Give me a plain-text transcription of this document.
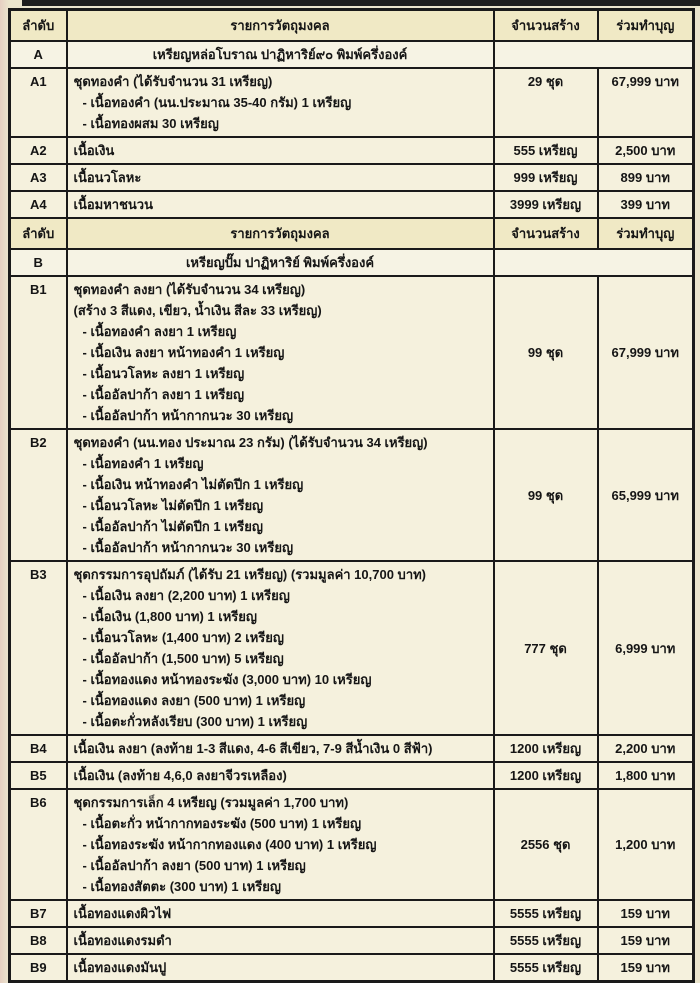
ลำดับ	รายการวัตถุมงคล	จำนวนสร้าง	ร่วมทำบุญ
A	เหรียญหล่อโบราณ ปาฏิหาริย์๙๐ พิมพ์ครึ่งองค์		
A1	ชุดทองคำ (ได้รับจำนวน 31 เหรียญ)
- เนื้อทองคำ (นน.ประมาณ 35-40 กรัม) 1 เหรียญ
- เนื้อทองผสม 30 เหรียญ	29 ชุด	67,999 บาท
A2	เนื้อเงิน	555 เหรียญ	2,500 บาท
A3	เนื้อนวโลหะ	999 เหรียญ	899 บาท
A4	เนื้อมหาชนวน	3999 เหรียญ	399 บาท
ลำดับ	รายการวัตถุมงคล	จำนวนสร้าง	ร่วมทำบุญ
B	เหรียญปั๊ม ปาฏิหาริย์ พิมพ์ครึ่งองค์		
B1	ชุดทองคำ ลงยา (ได้รับจำนวน 34 เหรียญ)
(สร้าง 3 สีแดง, เขียว, น้ำเงิน สีละ 33 เหรียญ)
- เนื้อทองคำ ลงยา 1 เหรียญ
- เนื้อเงิน ลงยา หน้าทองคำ 1 เหรียญ
- เนื้อนวโลหะ ลงยา 1 เหรียญ
- เนื้ออัลปาก้า ลงยา 1 เหรียญ
- เนื้ออัลปาก้า หน้ากากนวะ 30 เหรียญ
	99 ชุด	67,999 บาท
B2	ชุดทองคำ (นน.ทอง ประมาณ 23 กรัม) (ได้รับจำนวน 34 เหรียญ)
- เนื้อทองคำ 1 เหรียญ
- เนื้อเงิน หน้าทองคำ ไม่ตัดปีก 1 เหรียญ
- เนื้อนวโลหะ ไม่ตัดปีก 1 เหรียญ
- เนื้ออัลปาก้า ไม่ตัดปีก 1 เหรียญ
- เนื้ออัลปาก้า หน้ากากนวะ 30 เหรียญ
	99 ชุด	65,999 บาท
B3	ชุดกรรมการอุปถัมภ์ (ได้รับ 21 เหรียญ) (รวมมูลค่า 10,700 บาท)
- เนื้อเงิน ลงยา (2,200 บาท) 1 เหรียญ
- เนื้อเงิน (1,800 บาท) 1 เหรียญ
- เนื้อนวโลหะ (1,400 บาท) 2 เหรียญ
- เนื้ออัลปาก้า (1,500 บาท) 5 เหรียญ
- เนื้อทองแดง หน้าทองระฆัง (3,000 บาท) 10 เหรียญ
- เนื้อทองแดง ลงยา (500 บาท) 1 เหรียญ
- เนื้อตะกั่วหลังเรียบ (300 บาท) 1 เหรียญ
	777 ชุด	6,999 บาท
B4	เนื้อเงิน ลงยา (ลงท้าย 1-3 สีแดง, 4-6 สีเขียว, 7-9 สีน้ำเงิน 0 สีฟ้า)	1200 เหรียญ	2,200 บาท
B5	เนื้อเงิน (ลงท้าย 4,6,0 ลงยาจีวรเหลือง)	1200 เหรียญ	1,800 บาท
B6	ชุดกรรมการเล็ก 4 เหรียญ (รวมมูลค่า 1,700 บาท)
- เนื้อตะกั่ว หน้ากากทองระฆัง (500 บาท) 1 เหรียญ
- เนื้อทองระฆัง หน้ากากทองแดง (400 บาท) 1 เหรียญ
- เนื้ออัลปาก้า ลงยา (500 บาท) 1 เหรียญ
- เนื้อทองสัตตะ (300 บาท) 1 เหรียญ	2556 ชุด	1,200 บาท
B7	เนื้อทองแดงผิวไฟ	5555 เหรียญ	159 บาท
B8	เนื้อทองแดงรมดำ	5555 เหรียญ	159 บาท
B9	เนื้อทองแดงมันปู	5555 เหรียญ	159 บาท
